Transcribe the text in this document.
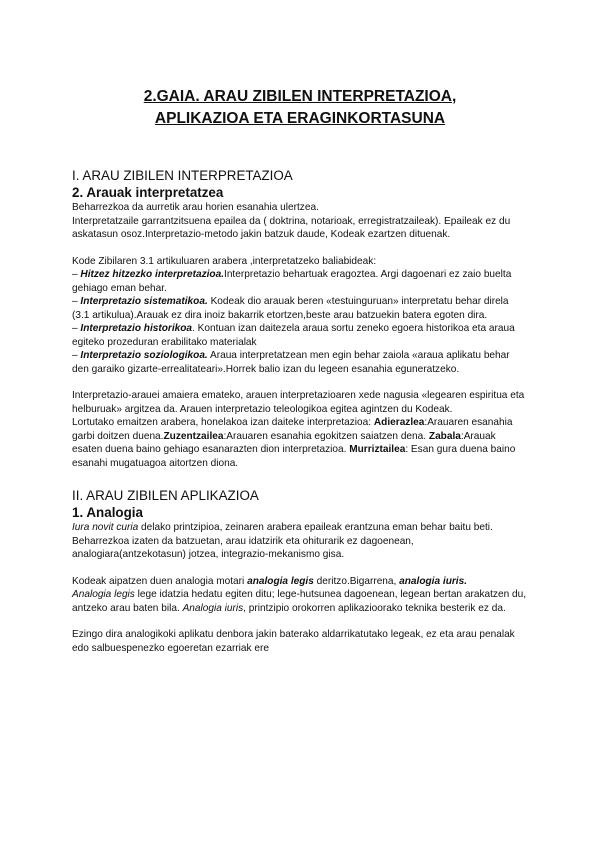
2.GAIA. ARAU ZIBILEN INTERPRETAZIOA,
APLIKAZIOA ETA ERAGINKORTASUNA
I. ARAU ZIBILEN INTERPRETAZIOA
2. Arauak interpretatzea

Beharrezkoa da aurretik arau horien esanahia ulertzea.

Interpretatzaile garrantzitsuena epailea da ( doktrina, notarioak, erregistratzaileak). Epaileak ez du askatasun osoz.Interpretazio-metodo jakin batzuk daude, Kodeak ezartzen dituenak.

Kode Zibilaren 3.1 artikuluaren arabera ,interpretatzeko baliabideak:

– Hitzez hitzezko interpretazioa.Interpretazio behartuak eragoztea. Argi dagoenari ez zaio buelta gehiago eman behar.

– Interpretazio sistematikoa. Kodeak dio arauak beren «testuinguruan» interpretatu behar direla (3.1 artikulua).Arauak ez dira inoiz bakarrik etortzen,beste arau batzuekin batera egoten dira.

– Interpretazio historikoa. Kontuan izan daitezela araua sortu zeneko egoera historikoa eta araua egiteko prozeduran erabilitako materialak

– Interpretazio soziologikoa. Araua interpretatzean men egin behar zaiola «araua aplikatu behar den garaiko gizarte-errealitateari».Horrek balio izan du legeen esanahia eguneratzeko.

Interpretazio-arauei amaiera emateko, arauen interpretazioaren xede nagusia «legearen espiritua eta helburuak» argitzea da. Arauen interpretazio teleologikoa egitea agintzen du Kodeak.

Lortutako emaitzen arabera, honelakoa izan daiteke interpretazioa: Adierazlea:Arauaren esanahia garbi doitzen duena.Zuzentzailea:Arauaren esanahia egokitzen saiatzen dena. Zabala:Arauak esaten duena baino gehiago esanarazten dion interpretazioa. Murriztailea: Esan gura duena baino esanahi mugatuagoa aitortzen diona.

II. ARAU ZIBILEN APLIKAZIOA
1. Analogia

Iura novit curia delako printzipioa, zeinaren arabera epaileak erantzuna eman behar baitu beti.

Beharrezkoa izaten da batzuetan, arau idatzirik eta ohiturarik ez dagoenean, analogiara(antzekotasun) jotzea, integrazio-mekanismo gisa.

Kodeak aipatzen duen analogia motari analogia legis deritzo.Bigarrena, analogia iuris.

Analogia legis lege idatzia hedatu egiten ditu; lege-hutsunea dagoenean, legean bertan arakatzen du, antzeko arau baten bila. Analogia iuris, printzipio orokorren aplikazioorako teknika besterik ez da.

Ezingo dira analogikoki aplikatu denbora jakin baterako aldarrikatutako legeak, ez eta arau penalak edo salbuespenezko egoeretan ezarriak ere
